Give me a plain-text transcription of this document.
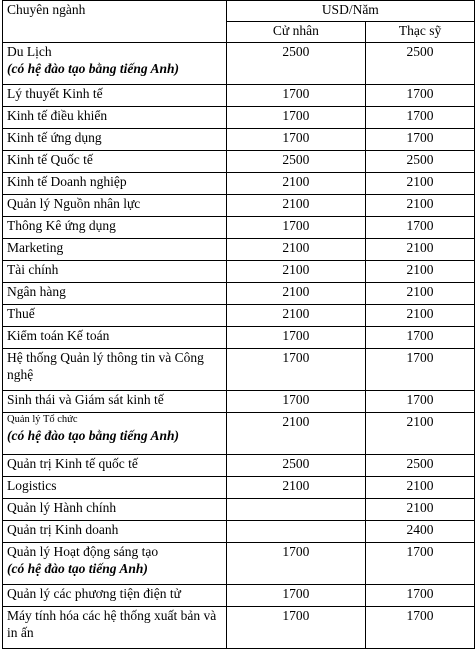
Chuyên ngành	USD/Năm	
	Cử nhân	Thạc sỹ

Du Lịch
(có hệ đào tạo bằng tiếng Anh)	2500	2500

Lý thuyết Kinh tế	1700	1700

Kinh tế điều khiển	1700	1700

Kinh tế ứng dụng	1700	1700

Kinh tế Quốc tế	2500	2500

Kinh tế Doanh nghiệp	2100	2100

Quản lý Nguồn nhân lực	2100	2100

Thông Kê ứng dụng	1700	1700

Marketing	2100	2100

Tài chính	2100	2100

Ngân hàng	2100	2100

Thuế	2100	2100

Kiểm toán Kế toán	1700	1700

Hệ thống Quản lý thông tin và Công nghệ	1700	1700

Sinh thái và Giám sát kinh tế	1700	1700

Quản lý Tổ chức
(có hệ đào tạo bằng tiếng Anh)	2100	2100

Quản trị Kinh tế quốc tế	2500	2500

Logistics	2100	2100

Quản lý Hành chính		2100

Quản trị Kinh doanh		2400

Quản lý Hoạt động sáng tạo
(có hệ đào tạo tiếng Anh)	1700	1700

Quản lý các phương tiện điện tử	1700	1700

Máy tính hóa các hệ thống xuất bản và in ấn	1700	1700
